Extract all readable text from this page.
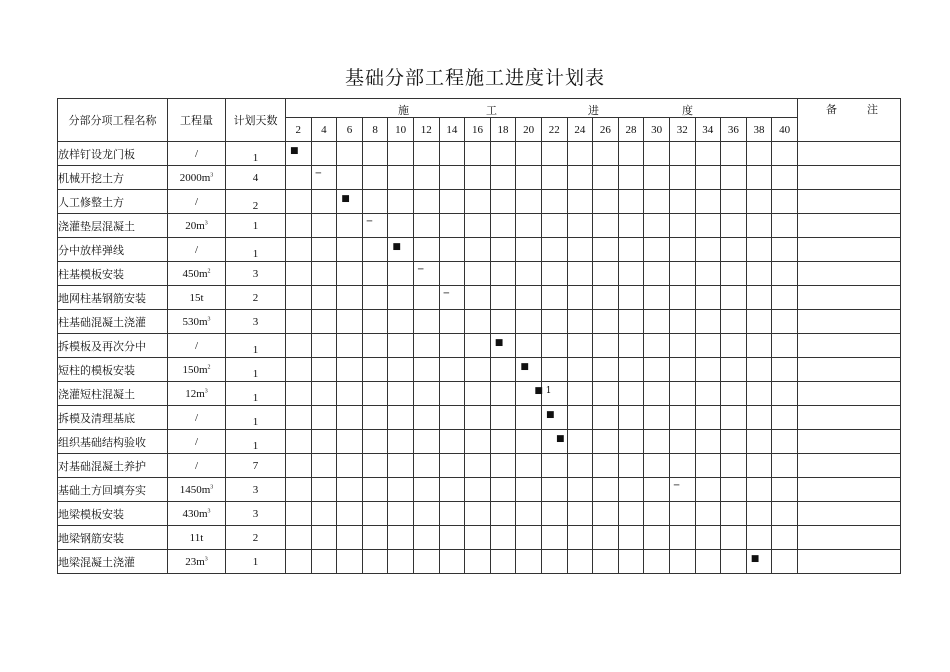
基础分部工程施工进度计划表
分部分项工程名称	工程量	计划天数	施 工 进 度																				备 注
			2	4	6	8	10	12	14	16	18	20	22	24	26	28	30	32	34	36	38	40	
放样钉设龙门板	/	1	■																				

机械开挖土方	$2000m^3$	4		─																			

人工修整土方	/	2			■																		

浇灌垫层混凝土	$20m^3$	1				─																	

分中放样弹线	/	1					■																

柱基模板安装	$450m^2$	3						─															

地网柱基钢筋安装	15t	2							─														

柱基础混凝土浇灌	$530m^3$	3																					
拆模板及再次分中	/	1									■												

短柱的模板安装	$150m^2$	1										■											

浇灌短柱混凝土	$12m^3$	1										■ 1											

拆模及清理基底	/	1											■										

组织基础结构验收	/	1											■										

对基础混凝土养护	/	7																					
基础土方回填夯实	$1450m^3$	3																─					

地梁模板安装	$430m^3$	3																					
地梁钢筋安装	11t	2																					
地梁混凝土浇灌	$23m^3$	1																			■		
